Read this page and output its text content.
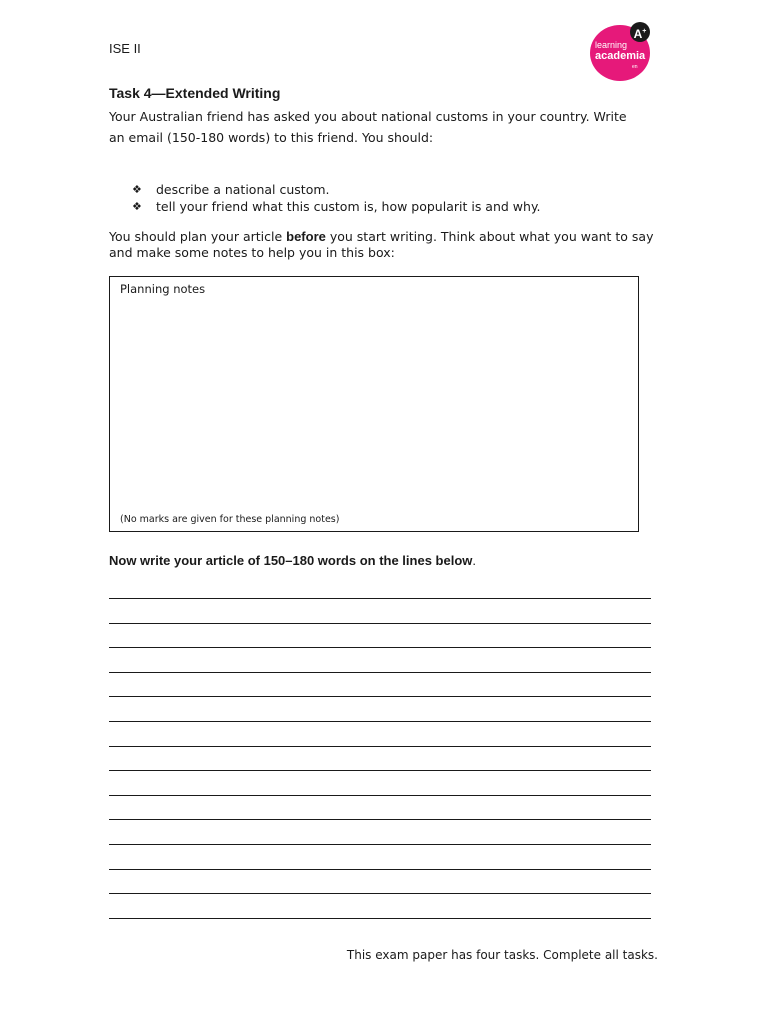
ISE II
A+
learning
academia
en
Task 4—Extended Writing
Your Australian friend has asked you about national customs in your country. Write an email (150-180 words) to this friend. You should:
❖ describe a national custom.
❖ tell your friend what this custom is, how popularit is and why.
You should plan your article before you start writing. Think about what you want to say and make some notes to help you in this box:
Planning notes
(No marks are given for these planning notes)
Now write your article of 150–180 words on the lines below.
This exam paper has four tasks. Complete all tasks.
